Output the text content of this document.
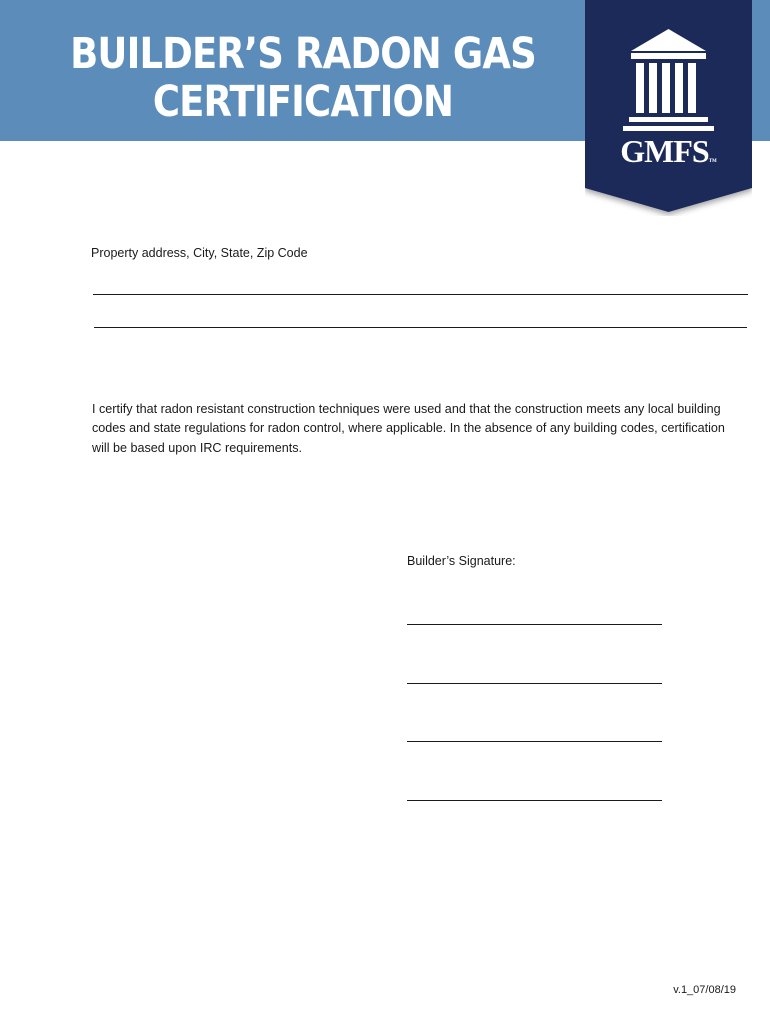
BUILDER’S RADON GAS
CERTIFICATION
GMFSTM
Property address, City, State, Zip Code

I certify that radon resistant construction techniques were used and that the construction meets any local building codes and state regulations for radon control, where applicable. In the absence of any building codes, certification will be based upon IRC requirements.

Builder’s Signature:
v.1_07/08/19
